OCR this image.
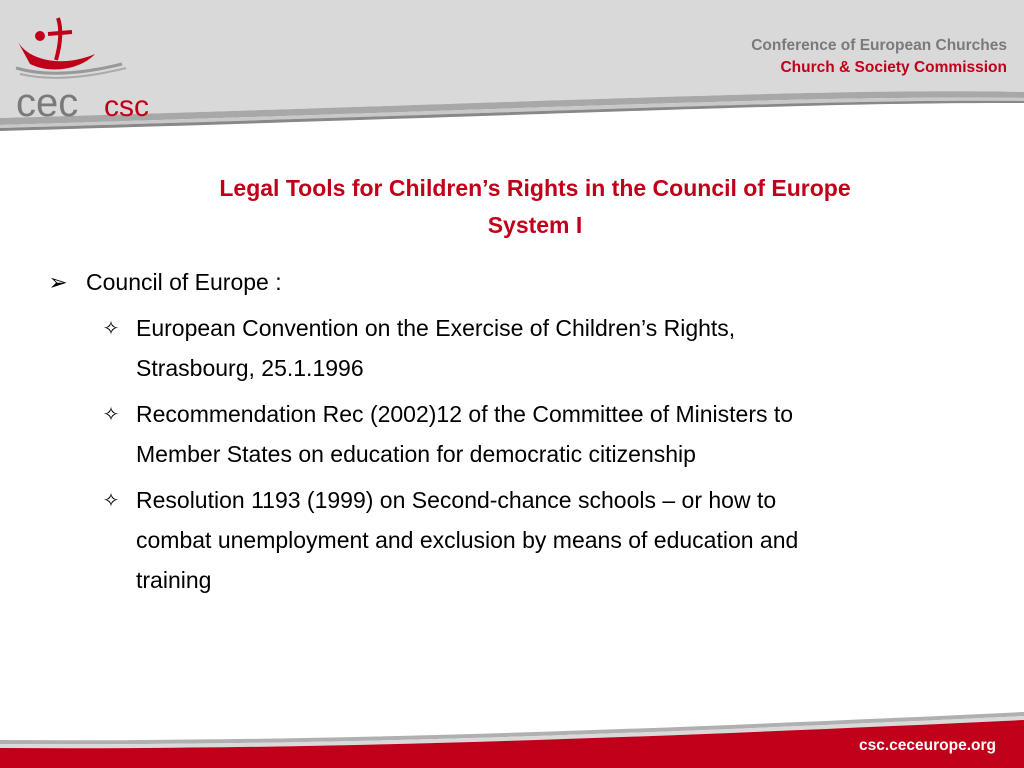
cec csc
Conference of European Churches
Church & Society Commission
Legal Tools for Children’s Rights in the Council of Europe
System I
➢ Council of Europe :
✧ European Convention on the Exercise of Children’s Rights,
Strasbourg, 25.1.1996
✧ Recommendation Rec (2002)12 of the Committee of Ministers to
Member States on education for democratic citizenship
✧ Resolution 1193 (1999) on Second-chance schools – or how to
combat unemployment and exclusion by means of education and
training
csc.ceceurope.org
